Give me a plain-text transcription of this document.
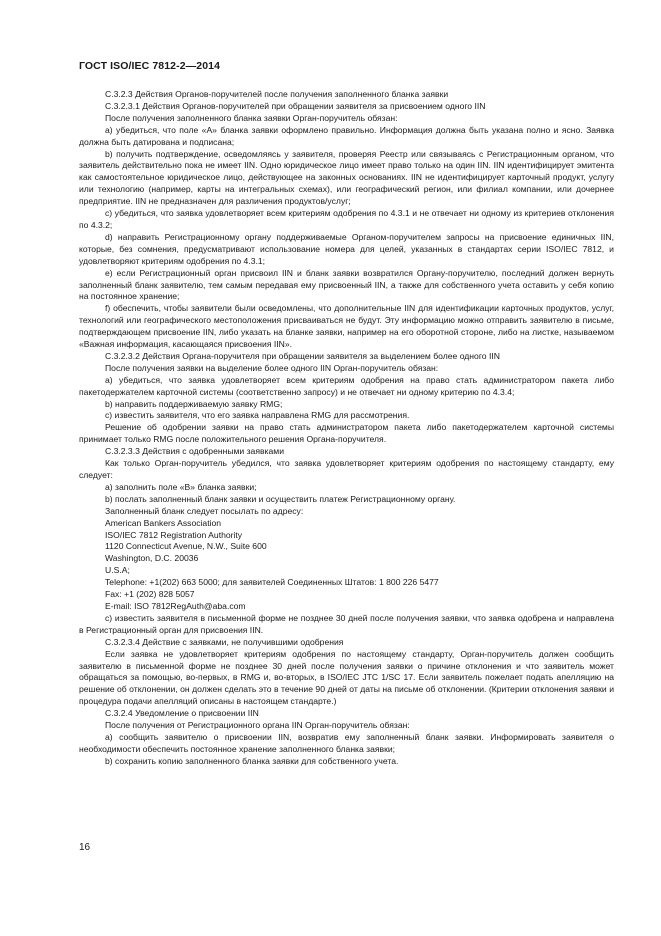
ГОСТ ISO/IEC 7812-2—2014

С.3.2.3 Действия Органов-поручителей после получения заполненного бланка заявки

С.3.2.3.1 Действия Органов-поручителей при обращении заявителя за присвоением одного IIN

После получения заполненного бланка заявки Орган-поручитель обязан:

a) убедиться, что поле «А» бланка заявки оформлено правильно. Информация должна быть указана полно и ясно. Заявка должна быть датирована и подписана;

b) получить подтверждение, осведомляясь у заявителя, проверяя Реестр или связываясь с Регистрационным органом, что заявитель действительно пока не имеет IIN. Одно юридическое лицо имеет право только на один IIN. IIN идентифицирует эмитента как самостоятельное юридическое лицо, действующее на законных основаниях. IIN не идентифицирует карточный продукт, услугу или технологию (например, карты на интегральных схемах), или географический регион, или филиал компании, или дочернее предприятие. IIN не предназначен для различения продуктов/услуг;

c) убедиться, что заявка удовлетворяет всем критериям одобрения по 4.3.1 и не отвечает ни одному из критериев отклонения по 4.3.2;

d) направить Регистрационному органу поддерживаемые Органом-поручителем запросы на присвоение единичных IIN, которые, без сомнения, предусматривают использование номера для целей, указанных в стандартах серии ISO/IEC 7812, и удовлетворяют критериям одобрения по 4.3.1;

e) если Регистрационный орган присвоил IIN и бланк заявки возвратился Органу-поручителю, последний должен вернуть заполненный бланк заявителю, тем самым передавая ему присвоенный IIN, а также для собственного учета оставить у себя копию на постоянное хранение;

f) обеспечить, чтобы заявители были осведомлены, что дополнительные IIN для идентификации карточных продуктов, услуг, технологий или географического местоположения присваиваться не будут. Эту информацию можно отправить заявителю в письме, подтверждающем присвоение IIN, либо указать на бланке заявки, например на его оборотной стороне, либо на листке, называемом «Важная информация, касающаяся присвоения IIN».

С.3.2.3.2 Действия Органа-поручителя при обращении заявителя за выделением более одного IIN

После получения заявки на выделение более одного IIN Орган-поручитель обязан:

a) убедиться, что заявка удовлетворяет всем критериям одобрения на право стать администратором пакета либо пакетодержателем карточной системы (соответственно запросу) и не отвечает ни одному критерию по 4.3.4;

b) направить поддерживаемую заявку RMG;

c) известить заявителя, что его заявка направлена RMG для рассмотрения.

Решение об одобрении заявки на право стать администратором пакета либо пакетодержателем карточной системы принимает только RMG после положительного решения Органа-поручителя.

С.3.2.3.3 Действия с одобренными заявками

Как только Орган-поручитель убедился, что заявка удовлетворяет критериям одобрения по настоящему стандарту, ему следует:

a) заполнить поле «В» бланка заявки;

b) послать заполненный бланк заявки и осуществить платеж Регистрационному органу.

Заполненный бланк следует посылать по адресу:

American Bankers Association

ISO/IEC 7812 Registration Authority

1120 Connecticut Avenue, N.W., Suite 600

Washington, D.C. 20036

U.S.A;

Telephone: +1(202) 663 5000; для заявителей Соединенных Штатов: 1 800 226 5477

Fax: +1 (202) 828 5057

E-mail: ISO 7812RegAuth@aba.com

c) известить заявителя в письменной форме не позднее 30 дней после получения заявки, что заявка одобрена и направлена в Регистрационный орган для присвоения IIN.

С.3.2.3.4 Действие с заявками, не получившими одобрения

Если заявка не удовлетворяет критериям одобрения по настоящему стандарту, Орган-поручитель должен сообщить заявителю в письменной форме не позднее 30 дней после получения заявки о причине отклонения и что заявитель может обращаться за помощью, во-первых, в RMG и, во-вторых, в ISO/IEC JTC 1/SC 17. Если заявитель пожелает подать апелляцию на решение об отклонении, он должен сделать это в течение 90 дней от даты на письме об отклонении. (Критерии отклонения заявки и процедура подачи апелляций описаны в настоящем стандарте.)

С.3.2.4 Уведомление о присвоении IIN

После получения от Регистрационного органа IIN Орган-поручитель обязан:

a) сообщить заявителю о присвоении IIN, возвратив ему заполненный бланк заявки. Информировать заявителя о необходимости обеспечить постоянное хранение заполненного бланка заявки;

b) сохранить копию заполненного бланка заявки для собственного учета.

16
